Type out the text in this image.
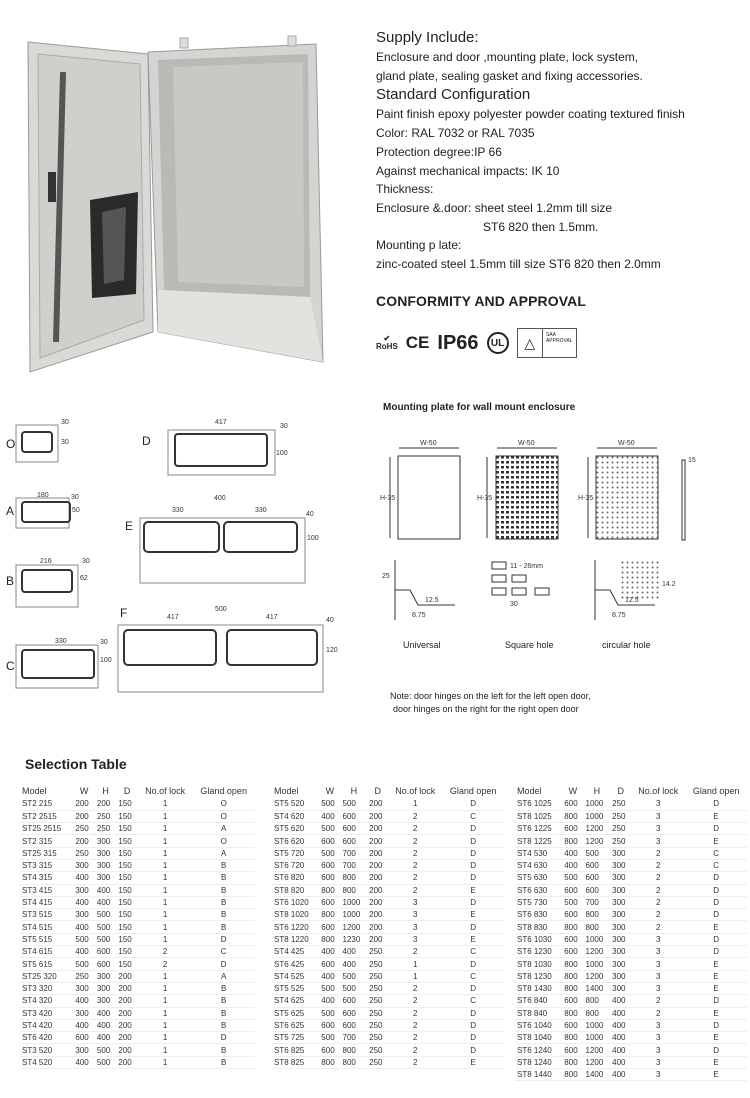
Supply Include:
Enclosure and door ,mounting plate, lock system,
gland plate, sealing gasket and fixing accessories.
Standard Configuration
Paint finish epoxy polyester powder coating textured finish
Color: RAL 7032 or RAL 7035
Protection degree:IP 66
Against mechanical impacts: IK 10
Thickness:
Enclosure &.door: sheet steel 1.2mm till size
ST6 820 then 1.5mm.
Mounting p late:
zinc-coated steel 1.5mm till size ST6 820 then 2.0mm
CONFORMITY AND APPROVAL
✔
RoHS CE IP66	UL	△	SAA
APPROVAL
O
A
B
C
D
E
F
30
30
180	30
50
216	30
62
330	30
100
417
30
100
400
330	330
40
100
500
417	417	40
120
Mounting plate for wall mount enclosure
W-50	W-50	W-50
H-35	H-35	H-35
15
11 - 26mm
12.5
8.75
25
30
12.5
8.75
14.2
Universal	Square hole	circular hole
Note: door hinges on the left for the left open door,
door hinges on the right for the right open door
Selection Table
Model	W	H	D	No.of lock	Gland open
ST2 215	200	200	150	1	O
ST2 2515	200	250	150	1	O
ST25 2515	250	250	150	1	A
ST2 315	200	300	150	1	O
ST25 315	250	300	150	1	A
ST3 315	300	300	150	1	B
ST4 315	400	300	150	1	B
ST3 415	300	400	150	1	B
ST4 415	400	400	150	1	B
ST3 515	300	500	150	1	B
ST4 515	400	500	150	1	B
ST5 515	500	500	150	1	D
ST4 615	400	600	150	2	C
ST5 615	500	600	150	2	D
ST25 320	250	300	200	1	A
ST3 320	300	300	200	1	B
ST4 320	400	300	200	1	B
ST3 420	300	400	200	1	B
ST4 420	400	400	200	1	B
ST6 420	600	400	200	1	D
ST3 520	300	500	200	1	B
ST4 520	400	500	200	1	B
Model	W	H	D	No.of lock	Gland open
ST5 520	500	500	200	1	D
ST4 620	400	600	200	2	C
ST5 620	500	600	200	2	D
ST6 620	600	600	200	2	D
ST5 720	500	700	200	2	D
ST6 720	600	700	200	2	D
ST6 820	600	800	200	2	D
ST8 820	800	800	200	2	E
ST6 1020	600	1000	200	3	D
ST8 1020	800	1000	200	3	E
ST6 1220	600	1200	200	3	D
ST8 1220	800	1230	200	3	E
ST4 425	400	400	250	2	C
ST6 425	600	400	250	1	D
ST4 525	400	500	250	1	C
ST5 525	500	500	250	2	D
ST4 625	400	600	250	2	C
ST5 625	500	600	250	2	D
ST6 625	600	600	250	2	D
ST5 725	500	700	250	2	D
ST6 825	600	800	250	2	D
ST8 825	800	800	250	2	E
Model	W	H	D	No.of lock	Gland open
ST6 1025	600	1000	250	3	D
ST8 1025	800	1000	250	3	E
ST6 1225	600	1200	250	3	D
ST8 1225	800	1200	250	3	E
ST4 530	400	500	300	2	C
ST4 630	400	600	300	2	C
ST5 630	500	600	300	2	D
ST6 630	600	600	300	2	D
ST5 730	500	700	300	2	D
ST6 830	600	800	300	2	D
ST8 830	800	800	300	2	E
ST6 1030	600	1000	300	3	D
ST6 1230	600	1200	300	3	D
ST8 1030	800	1000	300	3	E
ST8 1230	800	1200	300	3	E
ST8 1430	800	1400	300	3	E
ST6 840	600	800	400	2	D
ST8 840	800	800	400	2	E
ST6 1040	600	1000	400	3	D
ST8 1040	800	1000	400	3	E
ST6 1240	600	1200	400	3	D
ST8 1240	800	1200	400	3	E
ST8 1440	800	1400	400	3	E
